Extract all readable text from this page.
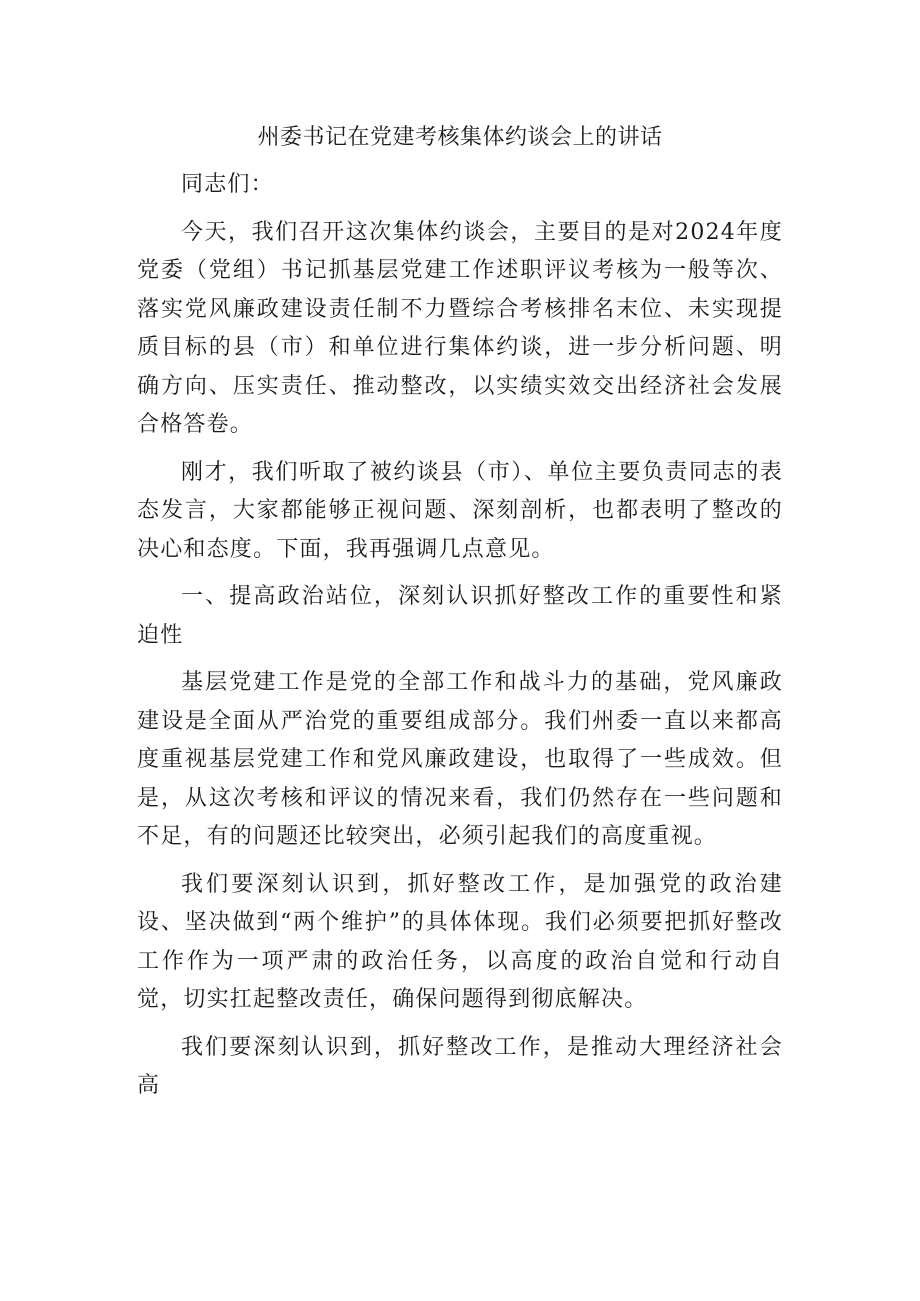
州委书记在党建考核集体约谈会上的讲话

同志们：

今天，我们召开这次集体约谈会，主要目的是对2024年度党委（党组）书记抓基层党建工作述职评议考核为一般等次、落实党风廉政建设责任制不力暨综合考核排名末位、未实现提质目标的县（市）和单位进行集体约谈，进一步分析问题、明确方向、压实责任、推动整改，以实绩实效交出经济社会发展合格答卷。

刚才，我们听取了被约谈县（市）、单位主要负责同志的表态发言，大家都能够正视问题、深刻剖析，也都表明了整改的决心和态度。下面，我再强调几点意见。

一、提高政治站位，深刻认识抓好整改工作的重要性和紧迫性

基层党建工作是党的全部工作和战斗力的基础，党风廉政建设是全面从严治党的重要组成部分。我们州委一直以来都高度重视基层党建工作和党风廉政建设，也取得了一些成效。但是，从这次考核和评议的情况来看，我们仍然存在一些问题和不足，有的问题还比较突出，必须引起我们的高度重视。

我们要深刻认识到，抓好整改工作，是加强党的政治建设、坚决做到“两个维护”的具体体现。我们必须要把抓好整改工作作为一项严肃的政治任务，以高度的政治自觉和行动自觉，切实扛起整改责任，确保问题得到彻底解决。

我们要深刻认识到，抓好整改工作，是推动大理经济社会高
